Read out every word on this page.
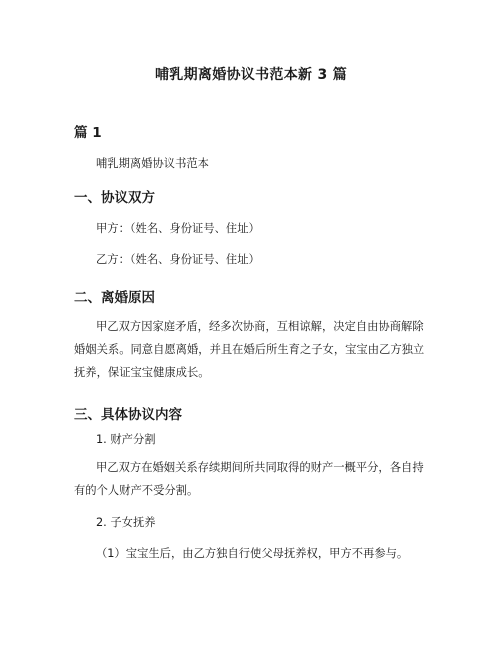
哺乳期离婚协议书范本新 3 篇
篇 1
哺乳期离婚协议书范本
一、协议双方
甲方：（姓名、身份证号、住址）
乙方：（姓名、身份证号、住址）
二、离婚原因

甲乙双方因家庭矛盾，经多次协商，互相谅解，决定自由协商解除婚姻关系。同意自愿离婚，并且在婚后所生育之子女，宝宝由乙方独立抚养，保证宝宝健康成长。

三、具体协议内容
1. 财产分割

甲乙双方在婚姻关系存续期间所共同取得的财产一概平分，各自持有的个人财产不受分割。

2. 子女抚养
（1）宝宝生后，由乙方独自行使父母抚养权，甲方不再参与。
